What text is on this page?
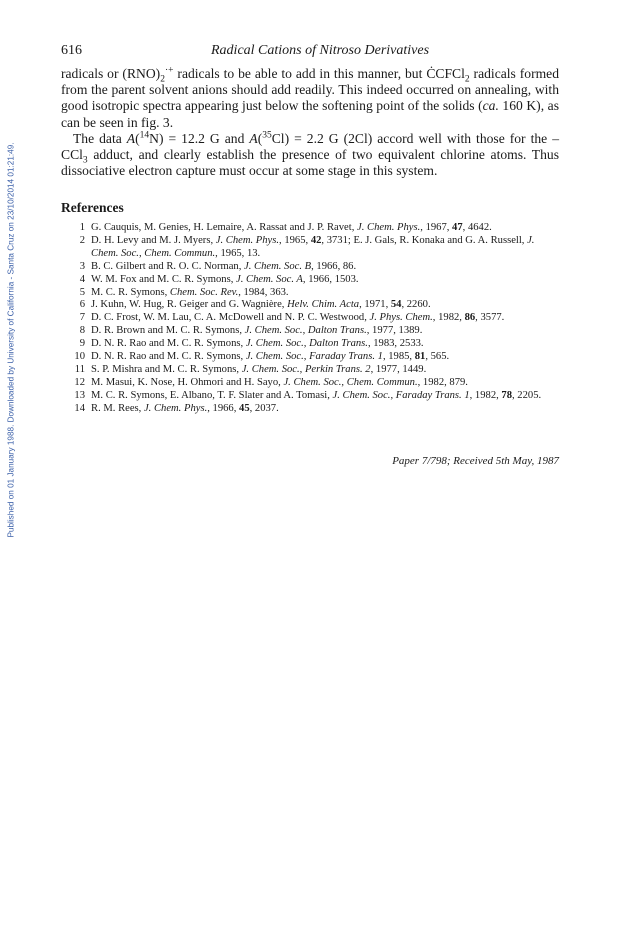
Published on 01 January 1988. Downloaded by University of California - Santa Cruz on 23/10/2014 01:21:49.
616	Radical Cations of Nitroso Derivatives

radicals or $(RNO)_2^{\cdot+}$ radicals to be able to add in this manner, but ĊCFCl$_2$ radicals formed from the parent solvent anions should add readily. This indeed occurred on annealing, with good isotropic spectra appearing just below the softening point of the solids (ca. 160 K), as can be seen in fig. 3.

The data A($^{14}$N) = 12.2 G and A($^{35}$Cl) = 2.2 G (2Cl) accord well with those for the – CCl$_3$ adduct, and clearly establish the presence of two equivalent chlorine atoms. Thus dissociative electron capture must occur at some stage in this system.

References
1 G. Cauquis, M. Genies, H. Lemaire, A. Rassat and J. P. Ravet, J. Chem. Phys., 1967, 47, 4642.
2 D. H. Levy and M. J. Myers, J. Chem. Phys., 1965, 42, 3731; E. J. Gals, R. Konaka and G. A. Russell, J. Chem. Soc., Chem. Commun., 1965, 13.
3 B. C. Gilbert and R. O. C. Norman, J. Chem. Soc. B, 1966, 86.
4 W. M. Fox and M. C. R. Symons, J. Chem. Soc. A, 1966, 1503.
5 M. C. R. Symons, Chem. Soc. Rev., 1984, 363.
6 J. Kuhn, W. Hug, R. Geiger and G. Wagnière, Helv. Chim. Acta, 1971, 54, 2260.
7 D. C. Frost, W. M. Lau, C. A. McDowell and N. P. C. Westwood, J. Phys. Chem., 1982, 86, 3577.
8 D. R. Brown and M. C. R. Symons, J. Chem. Soc., Dalton Trans., 1977, 1389.
9 D. N. R. Rao and M. C. R. Symons, J. Chem. Soc., Dalton Trans., 1983, 2533.
10 D. N. R. Rao and M. C. R. Symons, J. Chem. Soc., Faraday Trans. 1, 1985, 81, 565.
11 S. P. Mishra and M. C. R. Symons, J. Chem. Soc., Perkin Trans. 2, 1977, 1449.
12 M. Masui, K. Nose, H. Ohmori and H. Sayo, J. Chem. Soc., Chem. Commun., 1982, 879.
13 M. C. R. Symons, E. Albano, T. F. Slater and A. Tomasi, J. Chem. Soc., Faraday Trans. 1, 1982, 78, 2205.
14 R. M. Rees, J. Chem. Phys., 1966, 45, 2037.
Paper 7/798; Received 5th May, 1987
